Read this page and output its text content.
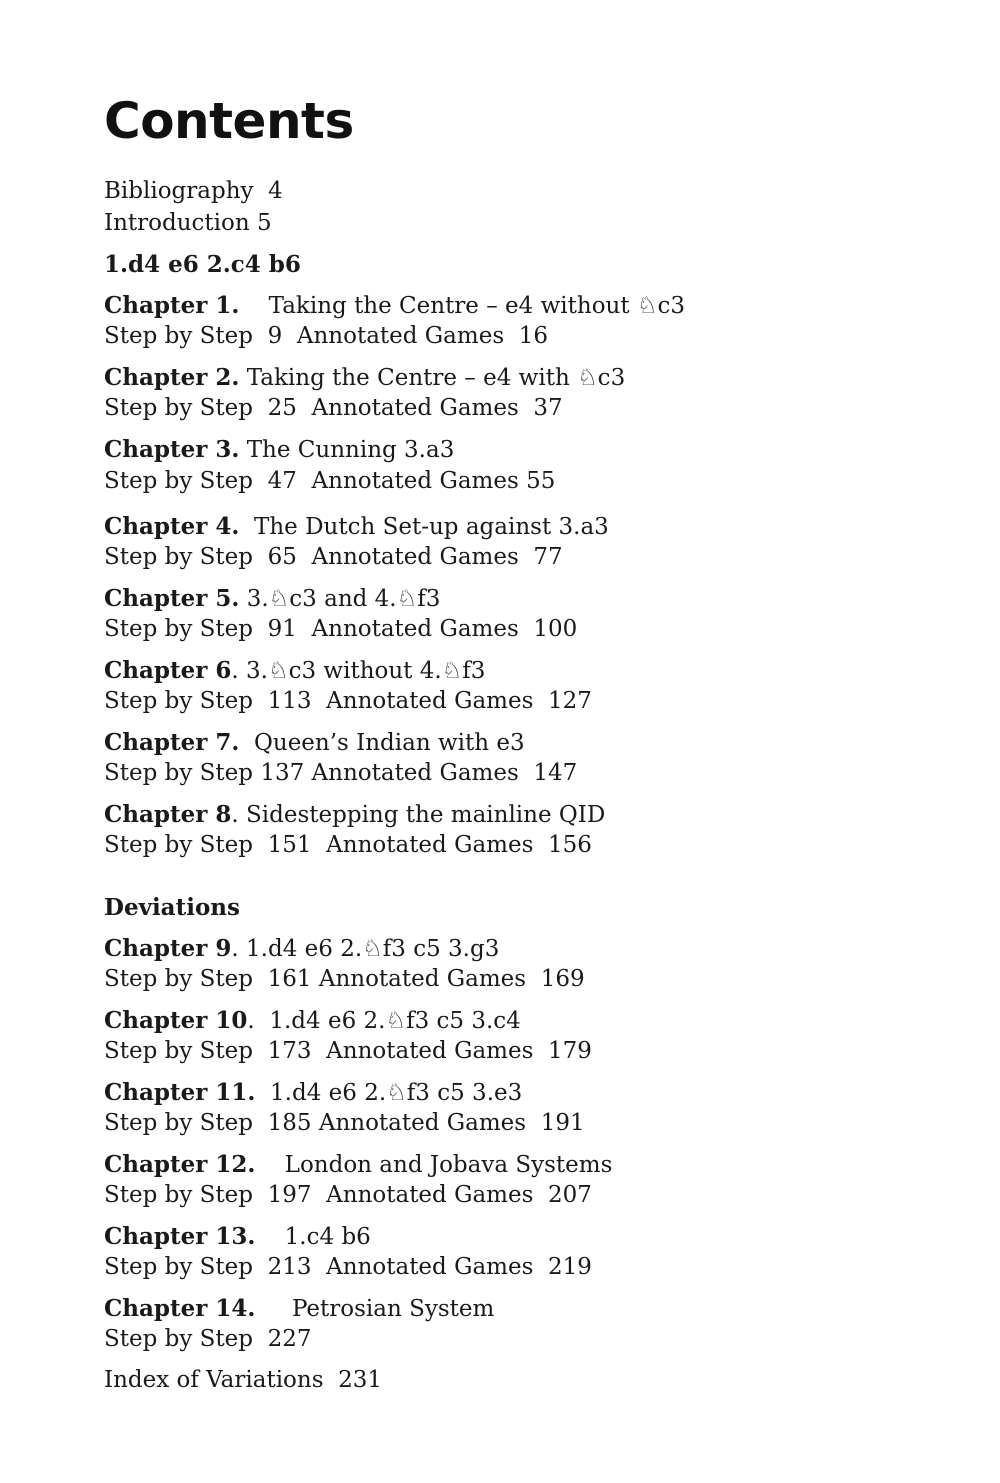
Contents

Bibliography 4

Introduction 5

1.d4 e6 2.c4 b6

Chapter 1. Taking the Centre – e4 without ♘c3

Step by Step  9  Annotated Games  16

Chapter 2. Taking the Centre – e4 with ♘c3

Step by Step  25  Annotated Games  37

Chapter 3. The Cunning 3.a3

Step by Step  47  Annotated Games 55

Chapter 4. The Dutch Set-up against 3.a3

Step by Step  65  Annotated Games  77

Chapter 5. 3.♘c3 and 4.♘f3

Step by Step  91  Annotated Games  100

Chapter 6. 3.♘c3 without 4.♘f3

Step by Step  113  Annotated Games  127

Chapter 7. Queen’s Indian with e3

Step by Step 137 Annotated Games  147

Chapter 8. Sidestepping the mainline QID

Step by Step  151  Annotated Games  156

Deviations

Chapter 9. 1.d4 e6 2.♘f3 c5 3.g3

Step by Step  161 Annotated Games  169

Chapter 10.  1.d4 e6 2.♘f3 c5 3.c4

Step by Step  173  Annotated Games  179

Chapter 11. 1.d4 e6 2.♘f3 c5 3.e3

Step by Step  185 Annotated Games  191

Chapter 12. London and Jobava Systems

Step by Step  197  Annotated Games  207

Chapter 13. 1.c4 b6

Step by Step  213  Annotated Games  219

Chapter 14. Petrosian System

Step by Step  227

Index of Variations 231
